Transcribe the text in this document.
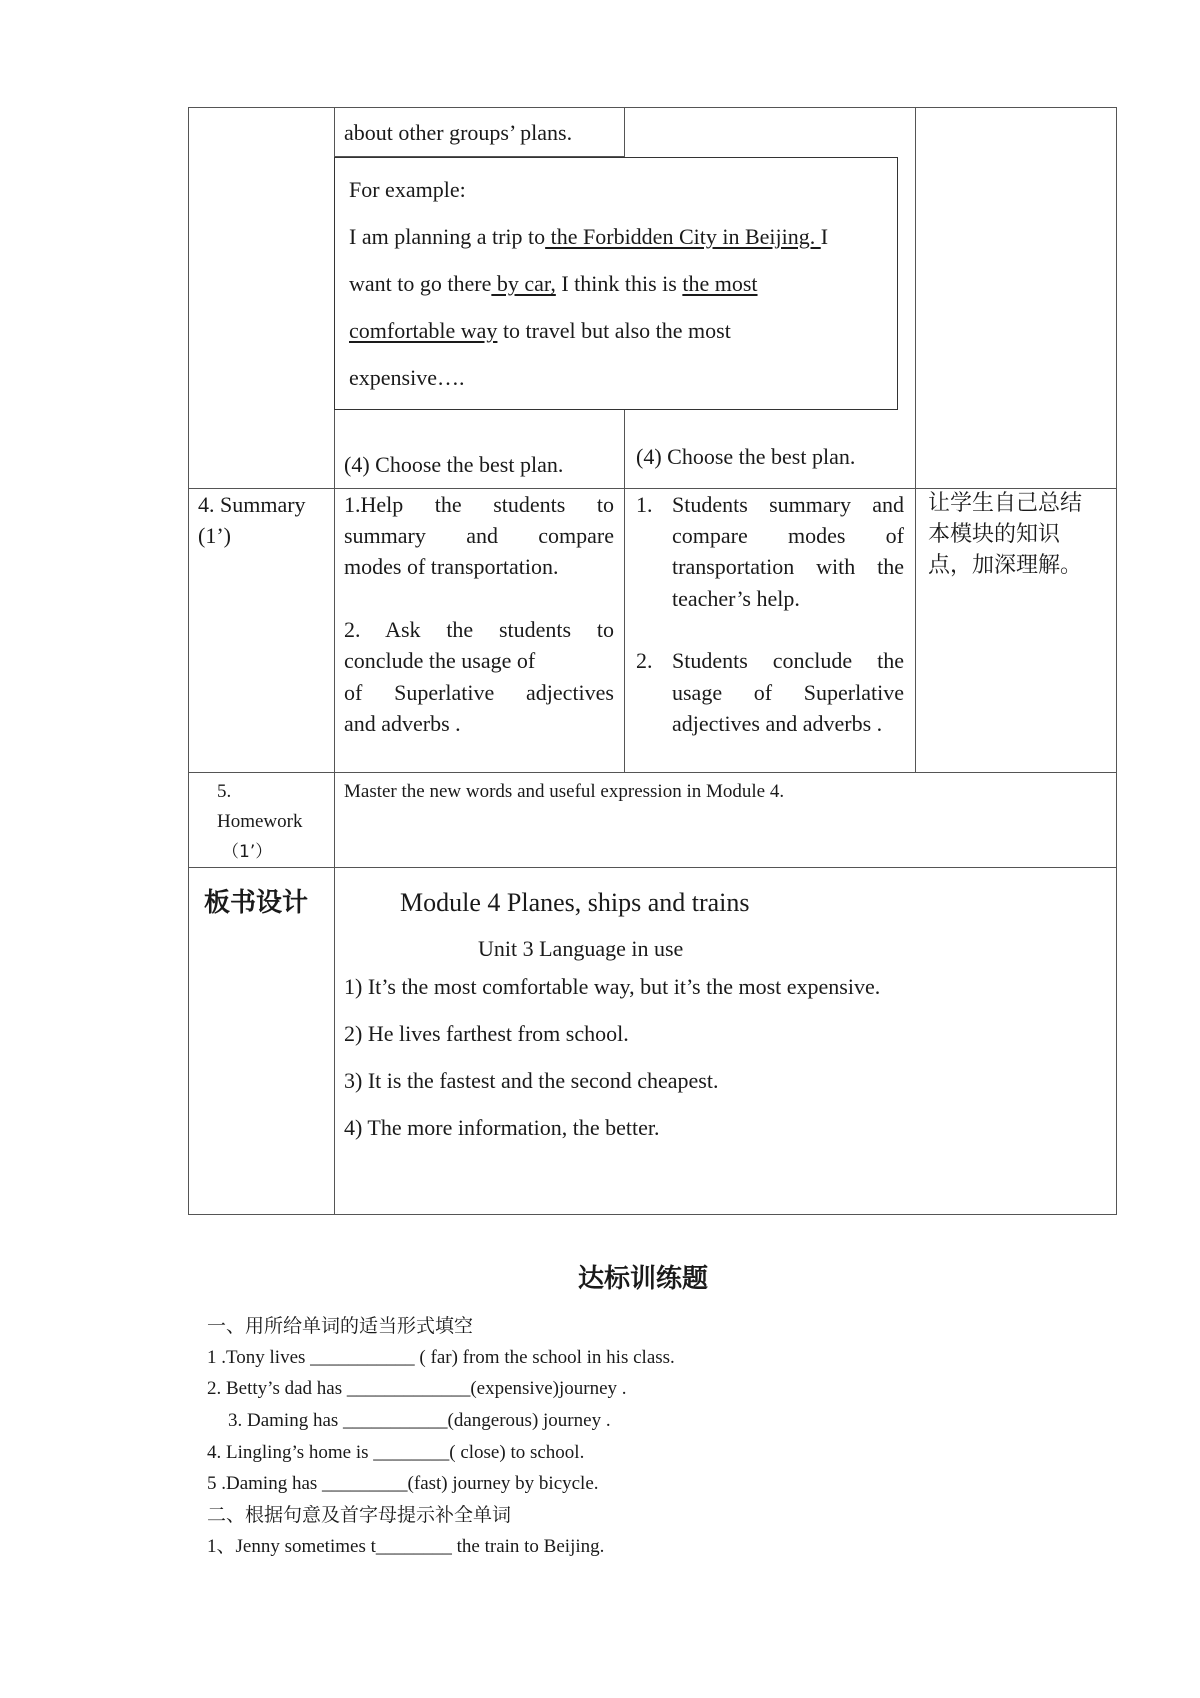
about other groups’ plans.
For example:
I am planning a trip to the Forbidden City in Beijing. I
want to go there by car, I think this is the most
comfortable way to travel but also the most
expensive….
(4) Choose the best plan.	(4) Choose the best plan.
4. Summary
(1’)
1.Help the students to
summary and compare
modes of transportation.
2. Ask the students to
conclude the usage of
of Superlative adjectives
and adverbs .
1. Students summary and
compare modes of
transportation with the
teacher’s help.
2. Students conclude the
usage of Superlative
adjectives and adverbs .
让学生自己总结
本模块的知识
点，加深理解。
5.
Homework
（1’）
Master the new words and useful expression in Module 4.
板书设计	Module 4 Planes, ships and trains
Unit 3 Language in use
1) It’s the most comfortable way, but it’s the most expensive.
2) He lives farthest from school.
3) It is the fastest and the second cheapest.
4) The more information, the better.
达标训练题
一、用所给单词的适当形式填空
1 .Tony lives ___________ ( far) from the school in his class.
2. Betty’s dad has _____________(expensive)journey .
3. Daming has ___________(dangerous) journey .
4. Lingling’s home is ________( close) to school.
5 .Daming has _________(fast) journey by bicycle.
二、根据句意及首字母提示补全单词
1、Jenny sometimes t________ the train to Beijing.
